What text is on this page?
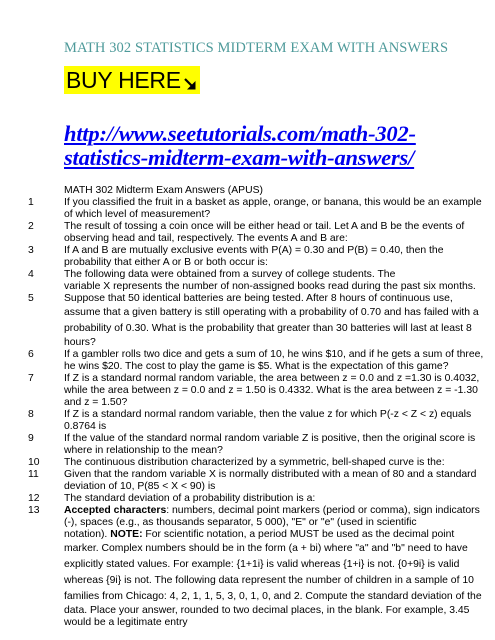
MATH 302 STATISTICS MIDTERM EXAM WITH ANSWERS
BUY HERE
http://www.seetutorials.com/math-302-statistics-midterm-exam-with-answers/
MATH 302 Midterm Exam Answers (APUS)
1	If you classified the fruit in a basket as apple, orange, or banana, this would be an example
of which level of measurement?
2	The result of tossing a coin once will be either head or tail. Let A and B be the events of
observing head and tail, respectively. The events A and B are:
3	If A and B are mutually exclusive events with P(A) = 0.30 and P(B) = 0.40, then the
probability that either A or B or both occur is:
4	The following data were obtained from a survey of college students. The
variable X represents the number of non-assigned books read during the past six months.
5	Suppose that 50 identical batteries are being tested. After 8 hours of continuous use,
assume that a given battery is still operating with a probability of 0.70 and has failed with a
probability of 0.30. What is the probability that greater than 30 batteries will last at least 8
hours?
6	If a gambler rolls two dice and gets a sum of 10, he wins $10, and if he gets a sum of three,
he wins $20. The cost to play the game is $5. What is the expectation of this game?
7	If Z is a standard normal random variable, the area between z = 0.0 and z =1.30 is 0.4032,
while the area between z = 0.0 and z = 1.50 is 0.4332. What is the area between z = -1.30
and z = 1.50?
8	If Z is a standard normal random variable, then the value z for which P(-z < Z < z) equals
0.8764 is
9	If the value of the standard normal random variable Z is positive, then the original score is
where in relationship to the mean?
10	The continuous distribution characterized by a symmetric, bell-shaped curve is the:
11	Given that the random variable X is normally distributed with a mean of 80 and a standard
deviation of 10, P(85 < X < 90) is
12	The standard deviation of a probability distribution is a:
13	Accepted characters: numbers, decimal point markers (period or comma), sign indicators
(-), spaces (e.g., as thousands separator, 5 000), "E" or "e" (used in scientific
notation). NOTE: For scientific notation, a period MUST be used as the decimal point
marker. Complex numbers should be in the form (a + bi) where "a" and "b" need to have
explicitly stated values. For example: {1+1i} is valid whereas {1+i} is not. {0+9i} is valid
whereas {9i} is not. The following data represent the number of children in a sample of 10
families from Chicago: 4, 2, 1, 1, 5, 3, 0, 1, 0, and 2. Compute the standard deviation of the
data. Place your answer, rounded to two decimal places, in the blank. For example, 3.45
would be a legitimate entry
